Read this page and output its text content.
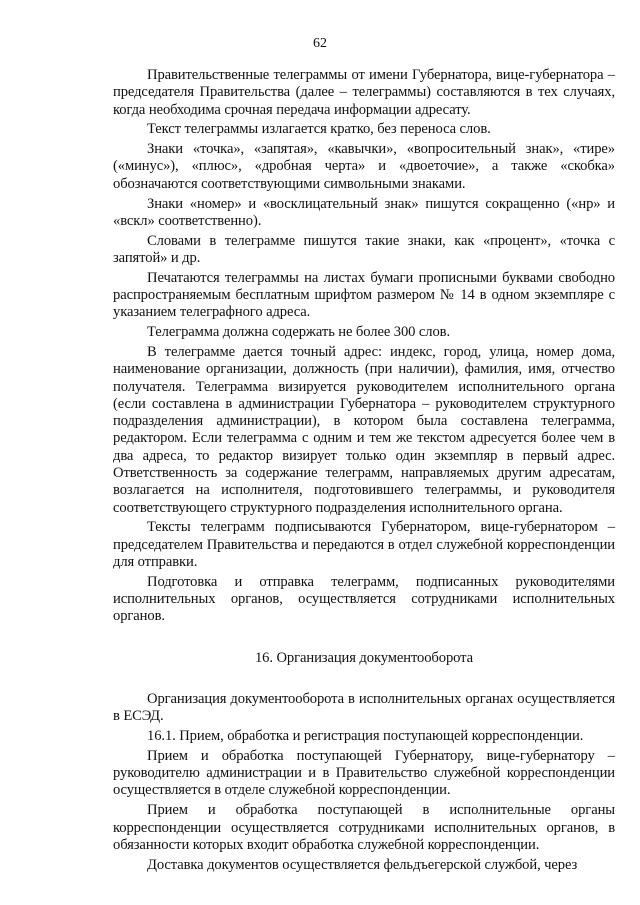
62

Правительственные телеграммы от имени Губернатора, вице-губернатора – председателя Правительства (далее – телеграммы) составляются в тех случаях, когда необходима срочная передача информации адресату.

Текст телеграммы излагается кратко, без переноса слов.

Знаки «точка», «запятая», «кавычки», «вопросительный знак», «тире» («минус»), «плюс», «дробная черта» и «двоеточие», а также «скобка» обозначаются соответствующими символьными знаками.

Знаки «номер» и «восклицательный знак» пишутся сокращенно («нр» и «вскл» соответственно).

Словами в телеграмме пишутся такие знаки, как «процент», «точка с запятой» и др.

Печатаются телеграммы на листах бумаги прописными буквами свободно распространяемым бесплатным шрифтом размером № 14 в одном экземпляре с указанием телеграфного адреса.

Телеграмма должна содержать не более 300 слов.

В телеграмме дается точный адрес: индекс, город, улица, номер дома, наименование организации, должность (при наличии), фамилия, имя, отчество получателя. Телеграмма визируется руководителем исполнительного органа (если составлена в администрации Губернатора – руководителем структурного подразделения администрации), в котором была составлена телеграмма, редактором. Если телеграмма с одним и тем же текстом адресуется более чем в два адреса, то редактор визирует только один экземпляр в первый адрес. Ответственность за содержание телеграмм, направляемых другим адресатам, возлагается на исполнителя, подготовившего телеграммы, и руководителя соответствующего структурного подразделения исполнительного органа.

Тексты телеграмм подписываются Губернатором, вице-губернатором – председателем Правительства и передаются в отдел служебной корреспонденции для отправки.

Подготовка и отправка телеграмм, подписанных руководителями исполнительных органов, осуществляется сотрудниками исполнительных органов.

16. Организация документооборота

Организация документооборота в исполнительных органах осуществляется в ЕСЭД.

16.1. Прием, обработка и регистрация поступающей корреспонденции.

Прием и обработка поступающей Губернатору, вице-губернатору – руководителю администрации и в Правительство служебной корреспонденции осуществляется в отделе служебной корреспонденции.

Прием и обработка поступающей в исполнительные органы корреспонденции осуществляется сотрудниками исполнительных органов, в обязанности которых входит обработка служебной корреспонденции.

Доставка документов осуществляется фельдъегерской службой, через
